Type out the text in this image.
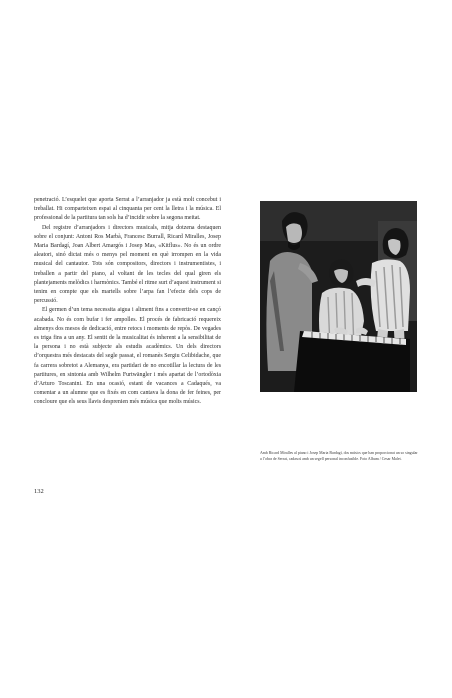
penetració. L’esquelet que aporta Serrat a l’arranjador ja està molt concebut i treballat. Hi comparteixen espai al cinquanta per cent la lletra i la música. El professional de la partitura tan sols ha d’incidir sobre la segona meitat.

Del registre d’arranjadors i directors musicals, mitja dotzena destaquen sobre el conjunt: Antoni Ros Marbà, Francesc Burrall, Ricard Miralles, Josep Maria Bardagí, Joan Albert Amargós i Josep Mas, «Kitflus». No és un ordre aleatori, sinó dictat més o menys pel moment en què irrompen en la vida musical del cantautor. Tots són compositors, directors i instrumentistes, i treballen a partir del piano, al voltant de les tecles del qual giren els plantejaments melòdics i harmònics. També el ritme surt d’aquest instrument si tenim en compte que els martells sobre l’arpa fan l’efecte dels cops de percussió.

El germen d’un tema necessita aigua i aliment fins a convertir-se en cançó acabada. No és com bufar i fer ampolles. El procés de fabricació requereix almenys dos mesos de dedicació, entre retocs i moments de repòs. De vegades es triga fins a un any. El sentit de la musicalitat és inherent a la sensibilitat de la persona i no està subjecte als estudis acadèmics. Un dels directors d’orquestra més destacats del segle passat, el romanès Sergiu Celibidache, que fa carrera sobretot a Alemanya, era partidari de no encotillar la lectura de les partitures, en sintonia amb Wilhelm Furtwängler i més apartat de l’ortodòxia d’Arturo Toscanini. En una ocasió, estant de vacances a Cadaqués, va comentar a un alumne que es fixés en com cantava la dona de fer feines, per concloure que els seus llavis desprenien més música que molts músics.

132

Amb Ricard Miralles al piano i Josep Maria Bardagí, dos músics que han proporcionat un so singular a l’obra de Serrat, cadascú amb un segell personal inconfusible. Foto Album / Cesar Malet.
